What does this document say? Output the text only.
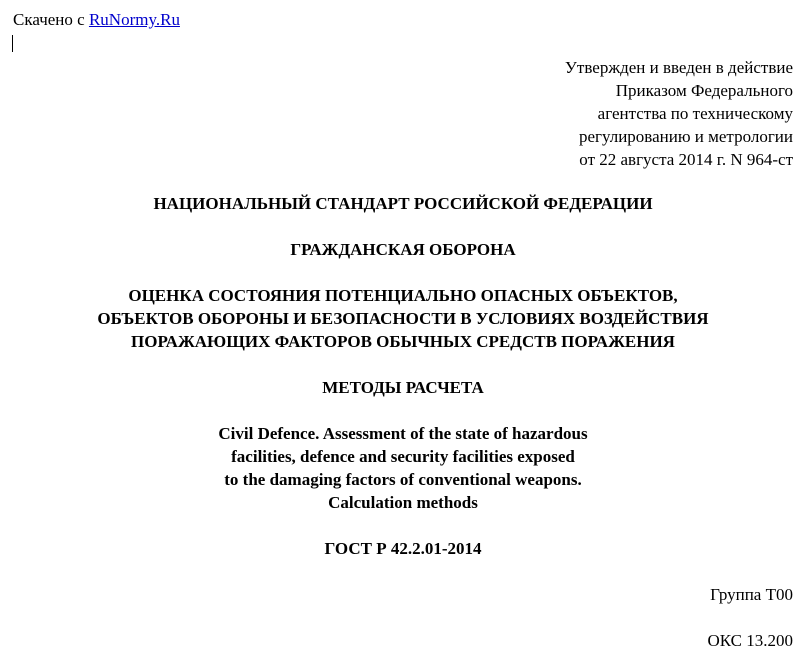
Скачено с RuNormy.Ru
Утвержден и введен в действие
Приказом Федерального
агентства по техническому
регулированию и метрологии
от 22 августа 2014 г. N 964-ст
НАЦИОНАЛЬНЫЙ СТАНДАРТ РОССИЙСКОЙ ФЕДЕРАЦИИ
ГРАЖДАНСКАЯ ОБОРОНА
ОЦЕНКА СОСТОЯНИЯ ПОТЕНЦИАЛЬНО ОПАСНЫХ ОБЪЕКТОВ,
ОБЪЕКТОВ ОБОРОНЫ И БЕЗОПАСНОСТИ В УСЛОВИЯХ ВОЗДЕЙСТВИЯ
ПОРАЖАЮЩИХ ФАКТОРОВ ОБЫЧНЫХ СРЕДСТВ ПОРАЖЕНИЯ
МЕТОДЫ РАСЧЕТА
Civil Defence. Assessment of the state of hazardous
facilities, defence and security facilities exposed
to the damaging factors of conventional weapons.
Calculation methods
ГОСТ Р 42.2.01-2014
Группа Т00
ОКС 13.200
